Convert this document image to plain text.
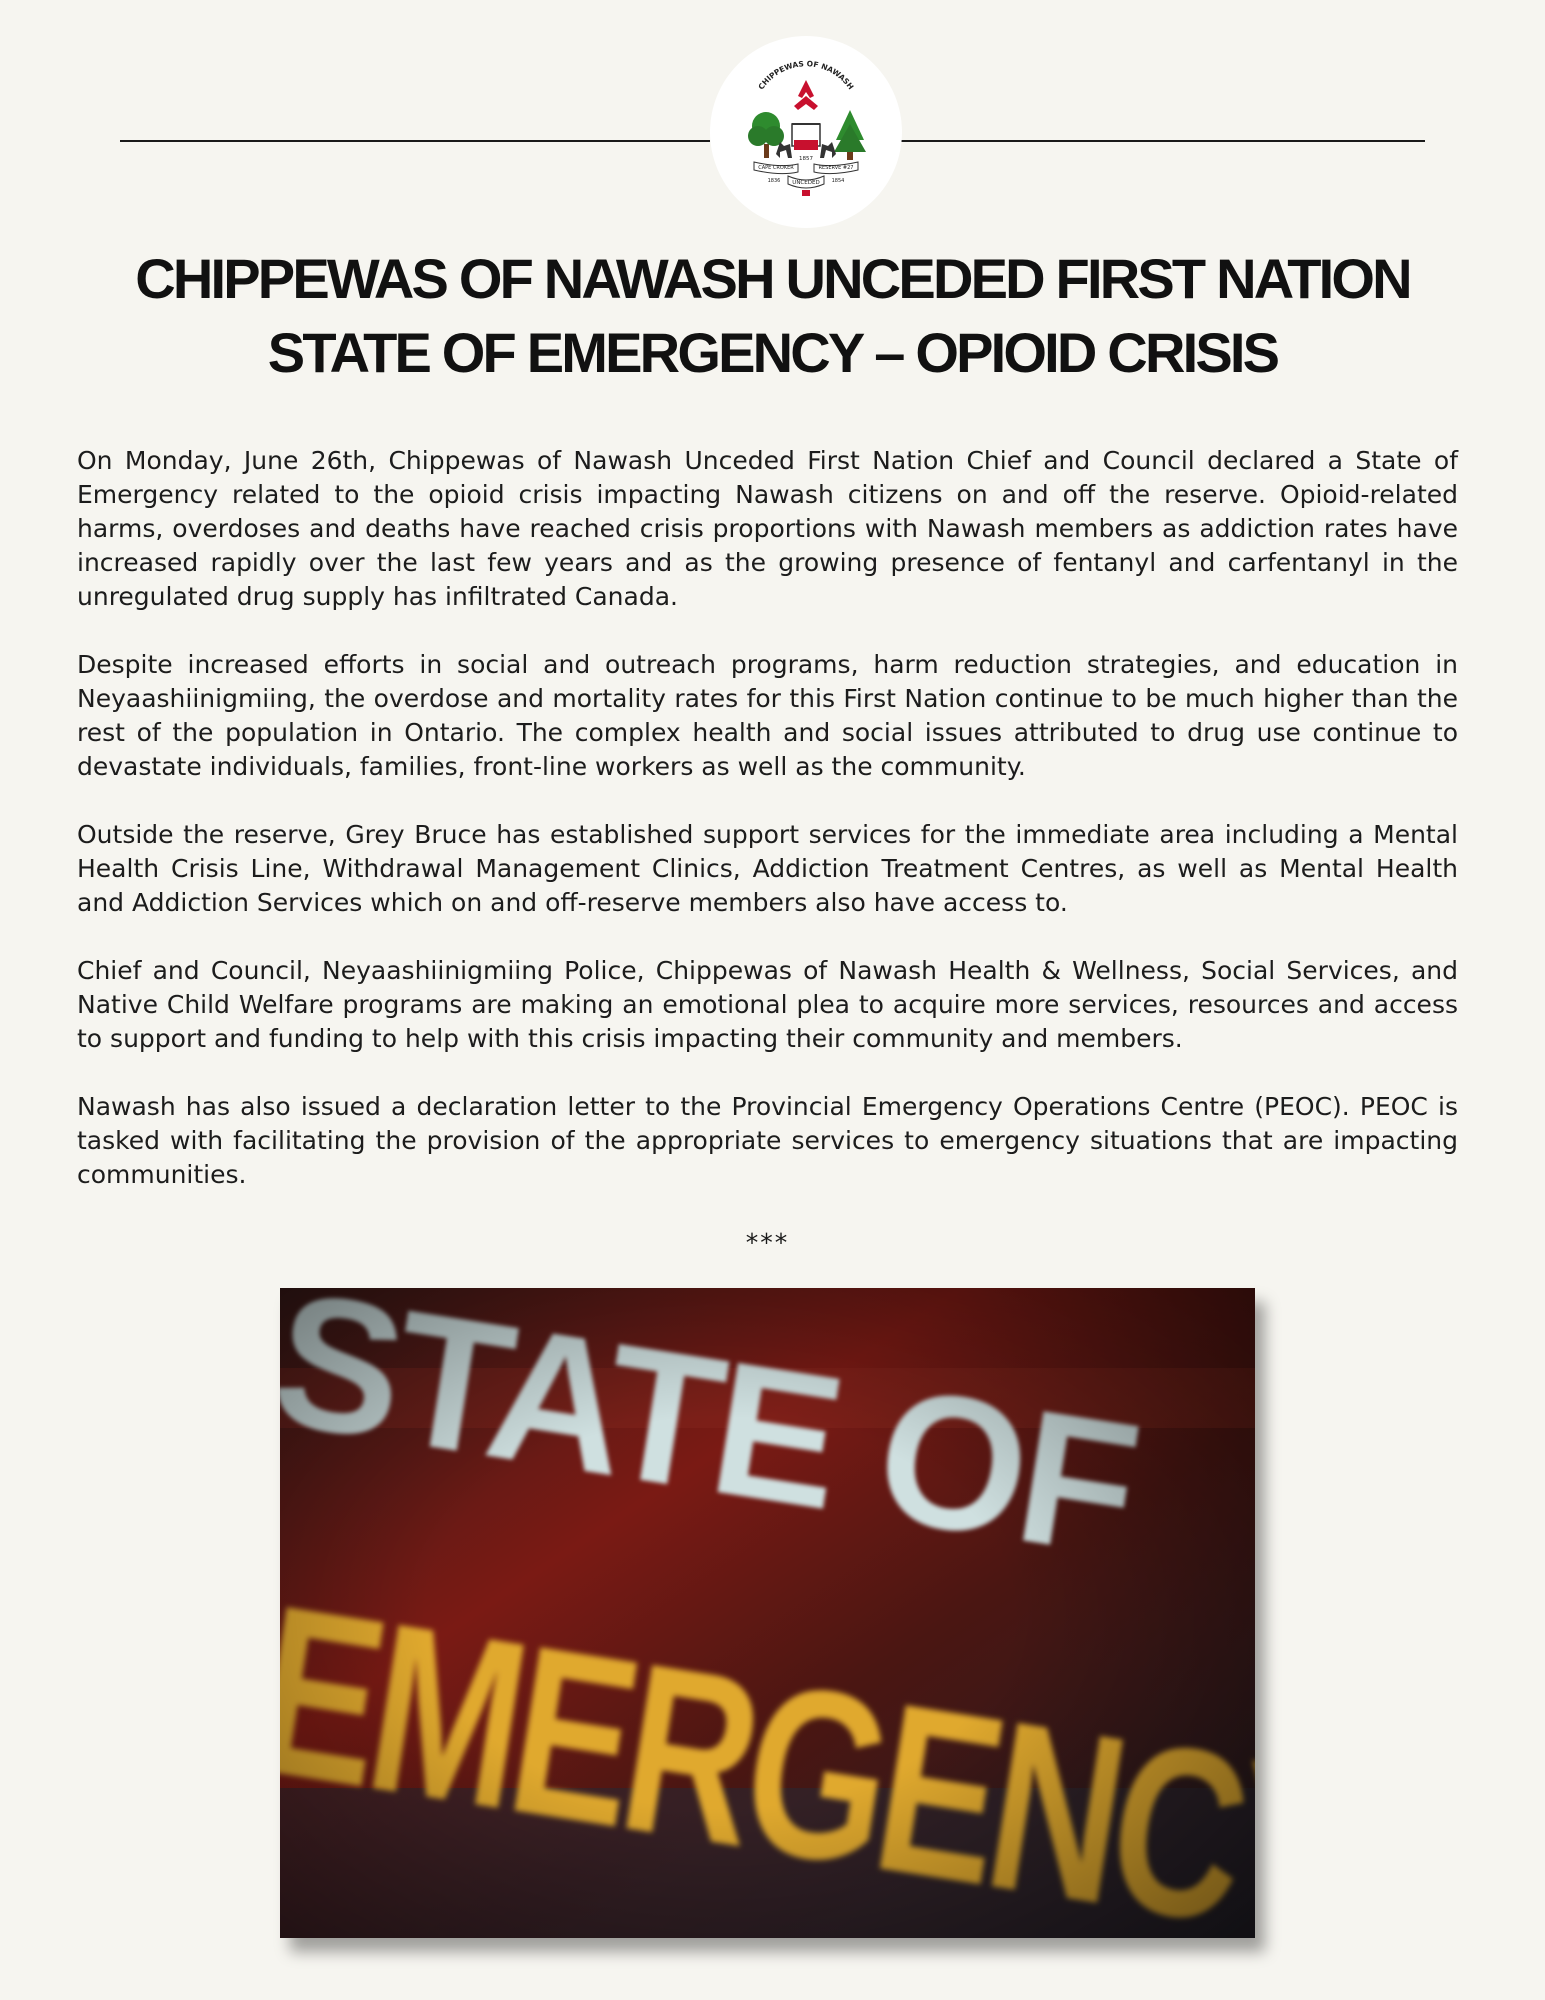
CHIPPEWAS OF NAWASH
CAPE CROKER	RESERVE #27
1857
1836	1854
UNCEDED
CHIPPEWAS OF NAWASH UNCEDED FIRST NATION
STATE OF EMERGENCY – OPIOID CRISIS

On Monday, June 26th, Chippewas of Nawash Unceded First Nation Chief and Council declared a State of Emergency related to the opioid crisis impacting Nawash citizens on and off the reserve. Opioid-related harms, overdoses and deaths have reached crisis proportions with Nawash members as addiction rates have increased rapidly over the last few years and as the growing presence of fentanyl and carfentanyl in the unregulated drug supply has infiltrated Canada.

Despite increased efforts in social and outreach programs, harm reduction strategies, and education in Neyaashiinigmiing, the overdose and mortality rates for this First Nation continue to be much higher than the rest of the population in Ontario. The complex health and social issues attributed to drug use continue to devastate individuals, families, front-line workers as well as the community.

Outside the reserve, Grey Bruce has established support services for the immediate area including a Mental Health Crisis Line, Withdrawal Management Clinics, Addiction Treatment Centres, as well as Mental Health and Addiction Services which on and off-reserve members also have access to.

Chief and Council, Neyaashiinigmiing Police, Chippewas of Nawash Health & Wellness, Social Services, and Native Child Welfare programs are making an emotional plea to acquire more services, resources and access to support and funding to help with this crisis impacting their community and members.

Nawash has also issued a declaration letter to the Provincial Emergency Operations Centre (PEOC). PEOC is tasked with facilitating the provision of the appropriate services to emergency situations that are impacting communities.

***
